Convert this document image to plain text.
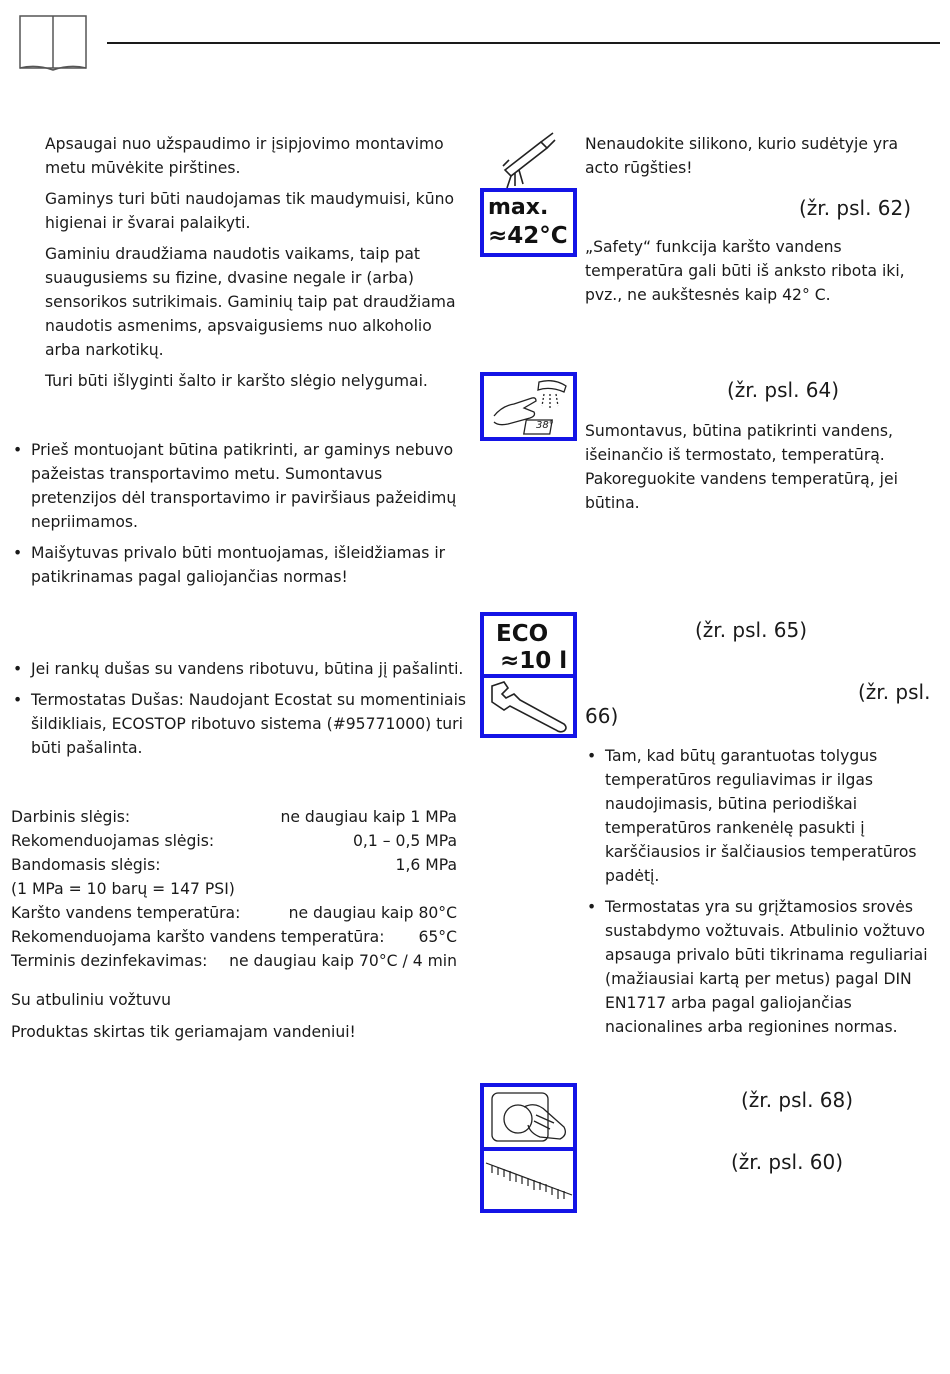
Apsaugai nuo užspaudimo ir įsipjovimo montavimo metu mūvėkite pirštines.

Gaminys turi būti naudojamas tik maudymuisi, kūno higienai ir švarai palaikyti.

Gaminiu draudžiama naudotis vaikams, taip pat suaugusiems su fizine, dvasine negale ir (arba) sensorikos sutrikimais. Gaminių taip pat draudžiama naudotis asmenims, apsvaigusiems nuo alkoholio arba narkotikų.

Turi būti išlyginti šalto ir karšto slėgio nelygumai.

• Prieš montuojant būtina patikrinti, ar gaminys nebuvo pažeistas transportavimo metu. Sumontavus pretenzijos dėl transportavimo ir paviršiaus pažeidimų nepriimamos.
• Maišytuvas privalo būti montuojamas, išleidžiamas ir patikrinamas pagal galiojančias normas!
• Jei rankų dušas su vandens ribotuvu, būtina jį pašalinti.
• Termostatas Dušas: Naudojant Ecostat su momentiniais šildikliais, ECOSTOP ribotuvo sistema (#95771000) turi būti pašalinta.
Darbinis slėgis:	ne daugiau kaip 1 MPa
Rekomenduojamas slėgis:	0,1 – 0,5 MPa
Bandomasis slėgis:	1,6 MPa
(1 MPa = 10 barų = 147 PSI)
Karšto vandens temperatūra:	ne daugiau kaip 80°C
Rekomenduojama karšto vandens temperatūra: 65°C
Terminis dezinfekavimas: ne daugiau kaip 70°C / 4 min

Su atbuliniu vožtuvu

Produktas skirtas tik geriamajam vandeniui!

Nenaudokite silikono, kurio sudėtyje yra acto rūgšties!

max.
≈42°C
(žr. psl. 62)

„Safety“ funkcija karšto vandens temperatūra gali būti iš anksto ribota iki, pvz., ne aukštesnės kaip 42° C.

38°
(žr. psl. 64)

Sumontavus, būtina patikrinti vandens, išeinančio iš termostato, temperatūrą. Pakoreguokite vandens temperatūrą, jei būtina.

ECO
≈10 l
(žr. psl. 65)
(žr. psl.
66)
• Tam, kad būtų garantuotas tolygus temperatūros reguliavimas ir ilgas naudojimasis, būtina periodiškai temperatūros rankenėlę pasukti į karščiausios ir šalčiausios temperatūros padėtį.
• Termostatas yra su grįžtamosios srovės sustabdymo vožtuvais. Atbulinio vožtuvo apsauga privalo būti tikrinama reguliariai (mažiausiai kartą per metus) pagal DIN EN1717 arba pagal galiojančias nacionalines arba regionines normas.
(žr. psl. 68)
(žr. psl. 60)
